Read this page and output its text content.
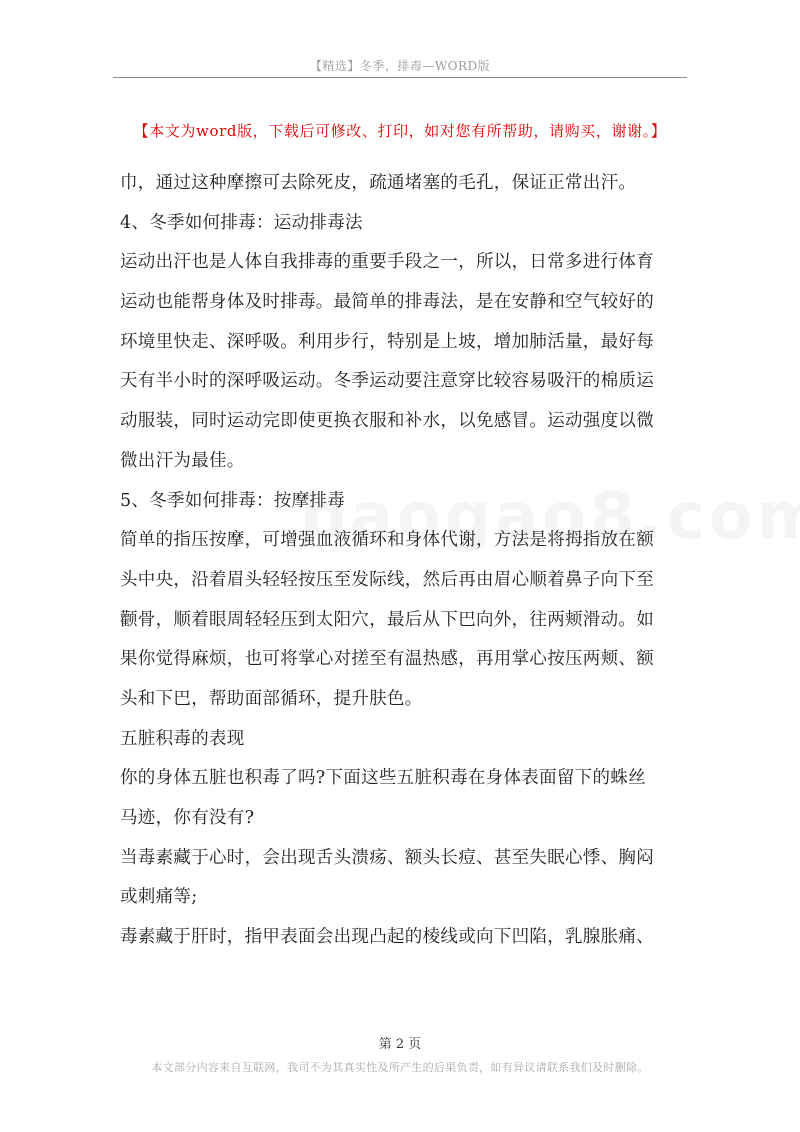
【精选】冬季，排毒—WORD版
【本文为word版，下载后可修改、打印，如对您有所帮助，请购买，谢谢。】
巾，通过这种摩擦可去除死皮，疏通堵塞的毛孔，保证正常出汗。
4、冬季如何排毒：运动排毒法
运动出汗也是人体自我排毒的重要手段之一，所以，日常多进行体育
运动也能帮身体及时排毒。最简单的排毒法，是在安静和空气较好的
环境里快走、深呼吸。利用步行，特别是上坡，增加肺活量，最好每
天有半小时的深呼吸运动。冬季运动要注意穿比较容易吸汗的棉质运
动服装，同时运动完即使更换衣服和补水，以免感冒。运动强度以微
微出汗为最佳。
5、冬季如何排毒：按摩排毒
简单的指压按摩，可增强血液循环和身体代谢，方法是将拇指放在额
头中央，沿着眉头轻轻按压至发际线，然后再由眉心顺着鼻子向下至
颧骨，顺着眼周轻轻压到太阳穴，最后从下巴向外，往两颊滑动。如
果你觉得麻烦，也可将掌心对搓至有温热感，再用掌心按压两颊、额
头和下巴，帮助面部循环，提升肤色。
五脏积毒的表现
你的身体五脏也积毒了吗?下面这些五脏积毒在身体表面留下的蛛丝
马迹，你有没有?
当毒素藏于心时，会出现舌头溃疡、额头长痘、甚至失眠心悸、胸闷
或刺痛等;
毒素藏于肝时，指甲表面会出现凸起的棱线或向下凹陷，乳腺胀痛、
第 2 页
本文部分内容来自互联网，我司不为其真实性及所产生的后果负责，如有异议请联系我们及时删除。
